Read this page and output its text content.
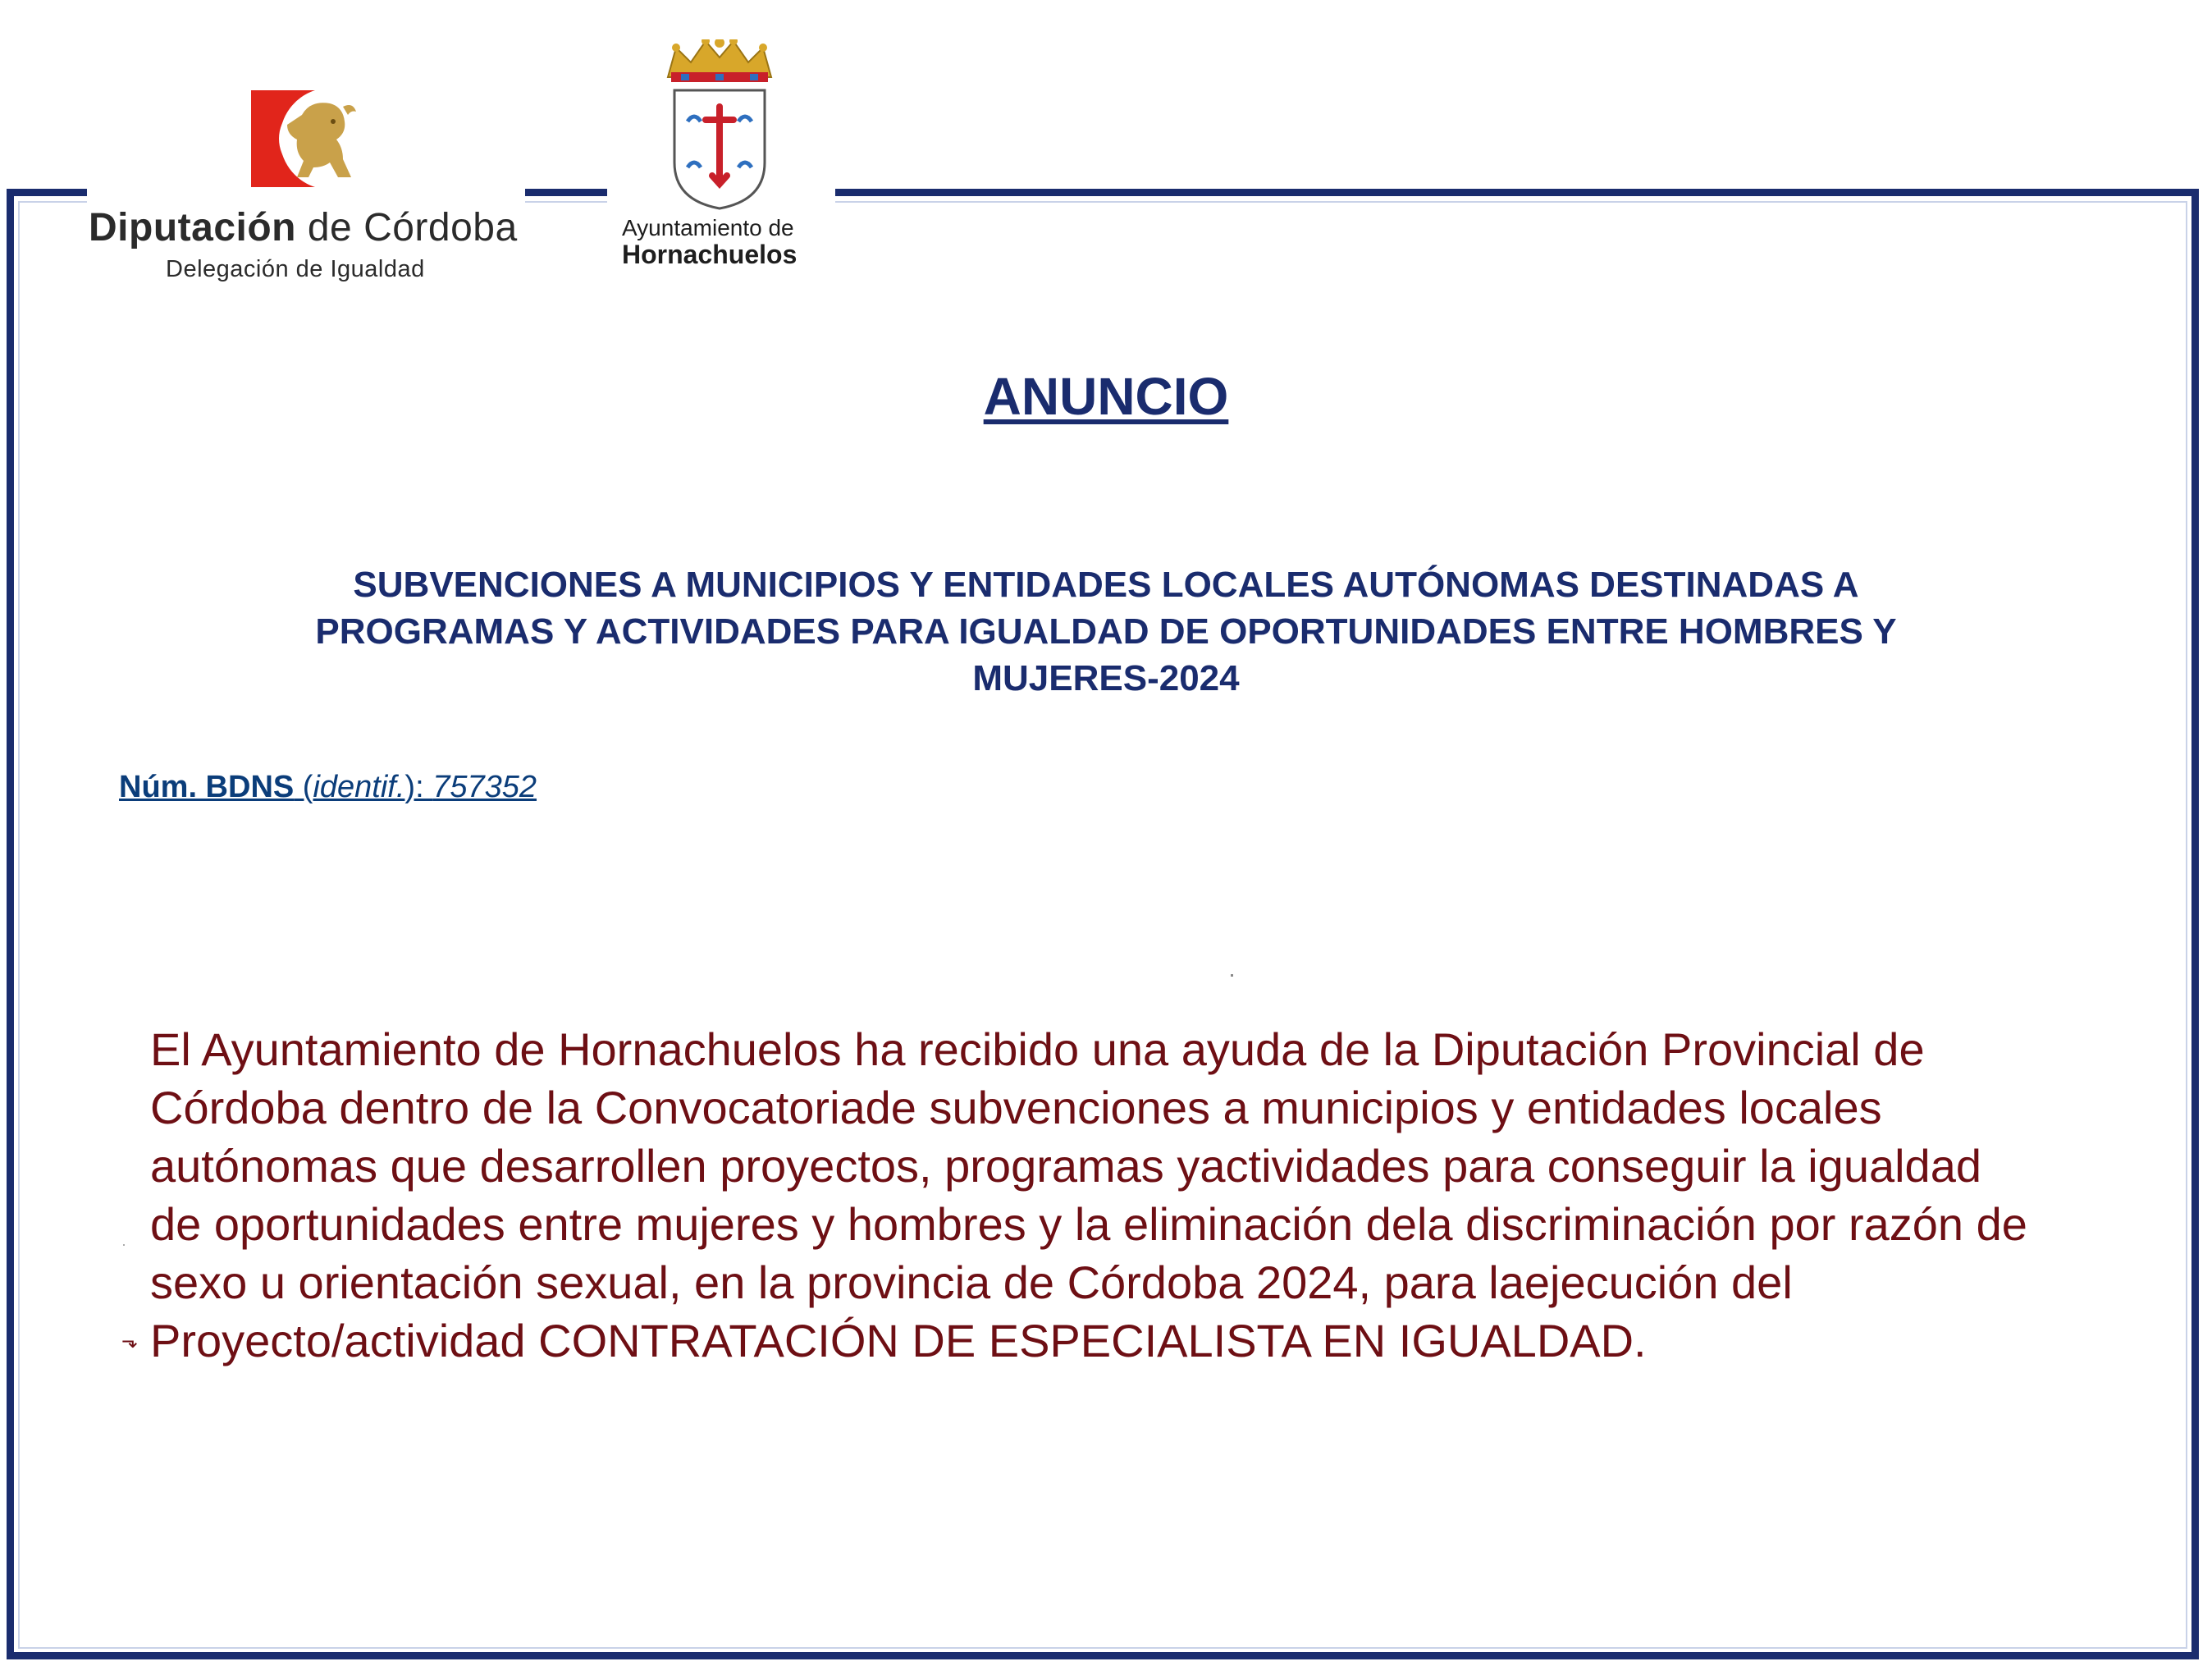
Diputación de Córdoba
Delegación de Igualdad
Ayuntamiento de
Hornachuelos
ANUNCIO
SUBVENCIONES A MUNICIPIOS Y ENTIDADES LOCALES AUTÓNOMAS DESTINADAS A
PROGRAMAS Y ACTIVIDADES PARA IGUALDAD DE OPORTUNIDADES ENTRE HOMBRES Y
MUJERES-2024
Núm. BDNS (identif.): 757352
⬎
El Ayuntamiento de Hornachuelos ha recibido una ayuda de la Diputación Provincial de
Córdoba dentro de la Convocatoriade subvenciones a municipios y entidades locales
autónomas que desarrollen proyectos, programas yactividades para conseguir la igualdad
de oportunidades entre mujeres y hombres y la eliminación dela discriminación por razón de
sexo u orientación sexual, en la provincia de Córdoba 2024, para laejecución del
Proyecto/actividad CONTRATACIÓN DE ESPECIALISTA EN IGUALDAD.
